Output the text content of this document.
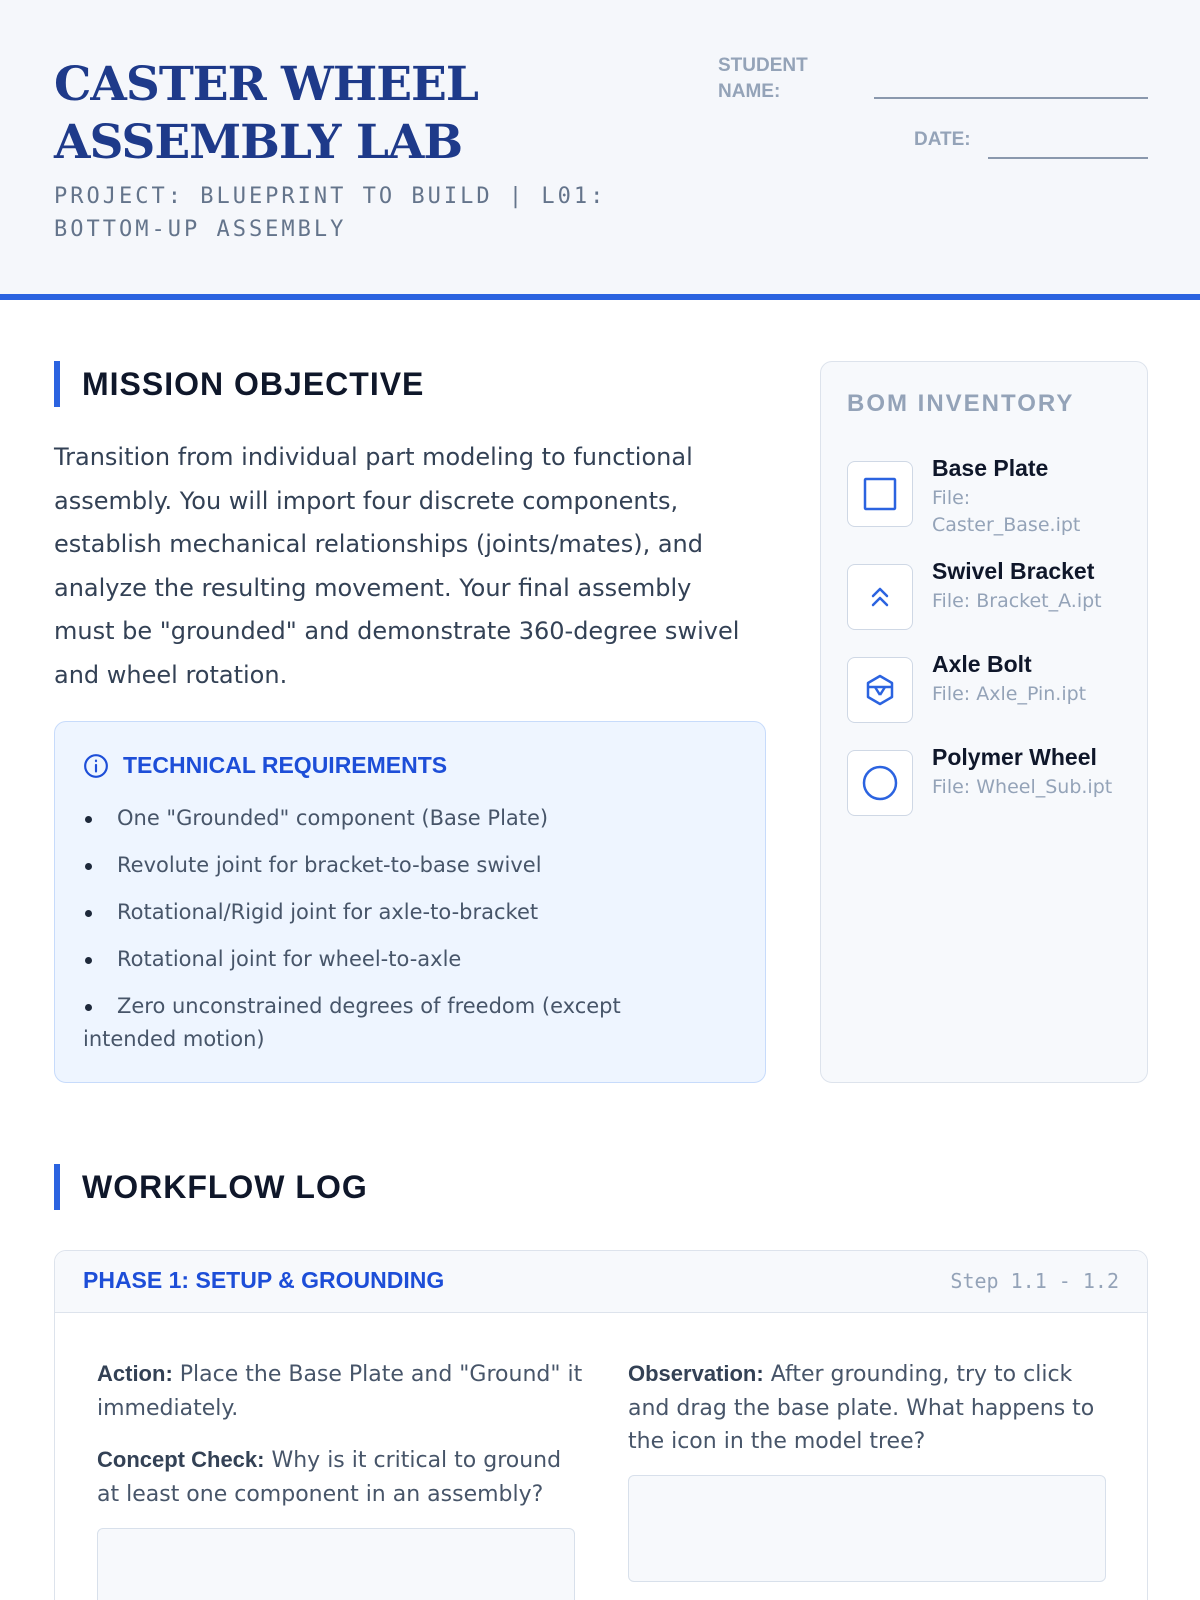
CASTER WHEEL ASSEMBLY LAB
PROJECT: BLUEPRINT TO BUILD | L01: BOTTOM-UP ASSEMBLY
STUDENT NAME:
DATE:
MISSION OBJECTIVE
Transition from individual part modeling to functional assembly. You will import four discrete components, establish mechanical relationships (joints/mates), and analyze the resulting movement. Your final assembly must be "grounded" and demonstrate 360-degree swivel and wheel rotation.
TECHNICAL REQUIREMENTS
One "Grounded" component (Base Plate)
Revolute joint for bracket-to-base swivel
Rotational/Rigid joint for axle-to-bracket
Rotational joint for wheel-to-axle
Zero unconstrained degrees of freedom (except intended motion)
BOM INVENTORY
Base Plate
File: Caster_Base.ipt
Swivel Bracket
File: Bracket_A.ipt
Axle Bolt
File: Axle_Pin.ipt
Polymer Wheel
File: Wheel_Sub.ipt
WORKFLOW LOG
PHASE 1: SETUP & GROUNDING	Step 1.1 - 1.2
Action: Place the Base Plate and "Ground" it immediately.
Concept Check: Why is it critical to ground at least one component in an assembly?
Observation: After grounding, try to click and drag the base plate. What happens to the icon in the model tree?
